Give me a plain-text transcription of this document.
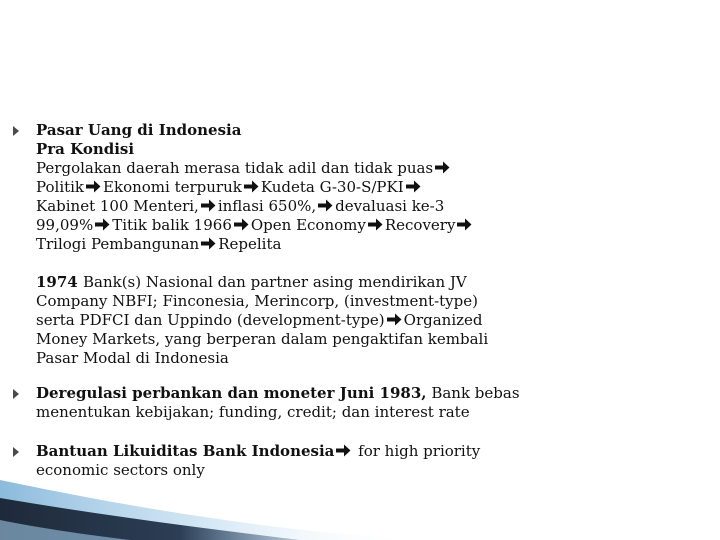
Pasar Uang di Indonesia
Pra Kondisi
Pergolakan daerah merasa tidak adil dan tidak puas
Politik Ekonomi terpuruk Kudeta G-30-S/PKI
Kabinet 100 Menteri, inflasi 650%, devaluasi ke-3
99,09% Titik balik 1966 Open Economy Recovery
Trilogi Pembangunan Repelita
1974 Bank(s) Nasional dan partner asing mendirikan JV
Company NBFI; Finconesia, Merincorp, (investment-type)
serta PDFCI dan Uppindo (development-type) Organized
Money Markets, yang berperan dalam pengaktifan kembali
Pasar Modal di Indonesia
Deregulasi perbankan dan moneter Juni 1983, Bank bebas
menentukan kebijakan; funding, credit; dan interest rate
Bantuan Likuiditas Bank Indonesia for high priority
economic sectors only
